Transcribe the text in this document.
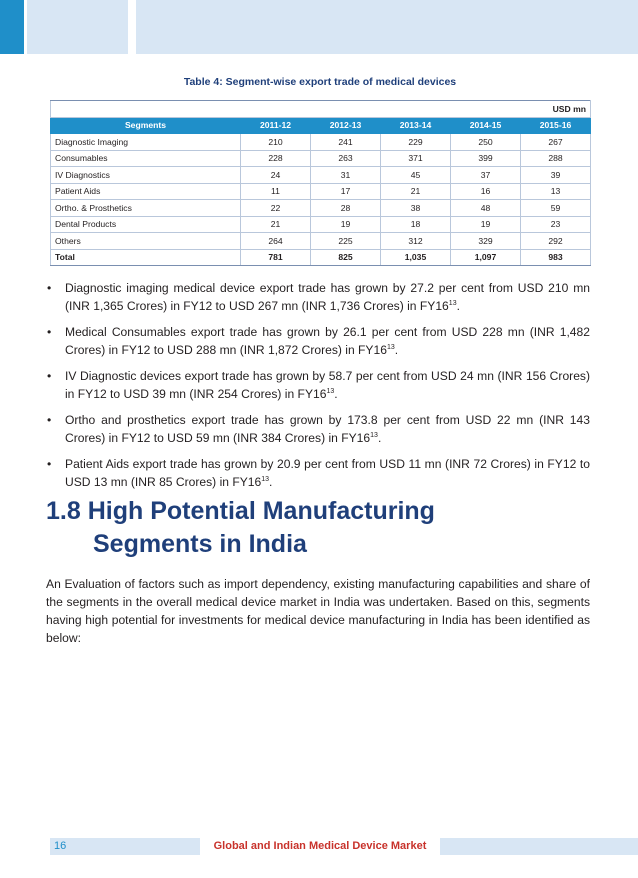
Table 4: Segment-wise export trade of medical devices
USD mn					
Segments	2011-12	2012-13	2013-14	2014-15	2015-16
Diagnostic Imaging	210	241	229	250	267
Consumables	228	263	371	399	288
IV Diagnostics	24	31	45	37	39
Patient Aids	11	17	21	16	13
Ortho. & Prosthetics	22	28	38	48	59
Dental Products	21	19	18	19	23
Others	264	225	312	329	292
Total	781	825	1,035	1,097	983
• Diagnostic imaging medical device export trade has grown by 27.2 per cent from USD 210 mn (INR 1,365 Crores) in FY12 to USD 267 mn (INR 1,736 Crores) in $FY16^{13}$.
• Medical Consumables export trade has grown by 26.1 per cent from USD 228 mn (INR 1,482 Crores) in FY12 to USD 288 mn (INR 1,872 Crores) in $FY16^{13}$.
• IV Diagnostic devices export trade has grown by 58.7 per cent from USD 24 mn (INR 156 Crores) in FY12 to USD 39 mn (INR 254 Crores) in $FY16^{13}$.
• Ortho and prosthetics export trade has grown by 173.8 per cent from USD 22 mn (INR 143 Crores) in FY12 to USD 59 mn (INR 384 Crores) in $FY16^{13}$.
• Patient Aids export trade has grown by 20.9 per cent from USD 11 mn (INR 72 Crores) in FY12 to USD 13 mn (INR 85 Crores) in $FY16^{13}$.
1.8 High Potential Manufacturing
Segments in India

An Evaluation of factors such as import dependency, existing manufacturing capabilities and share of the segments in the overall medical device market in India was undertaken. Based on this, segments having high potential for investments for medical device manufacturing in India has been identified as below:

16	Global and Indian Medical Device Market
